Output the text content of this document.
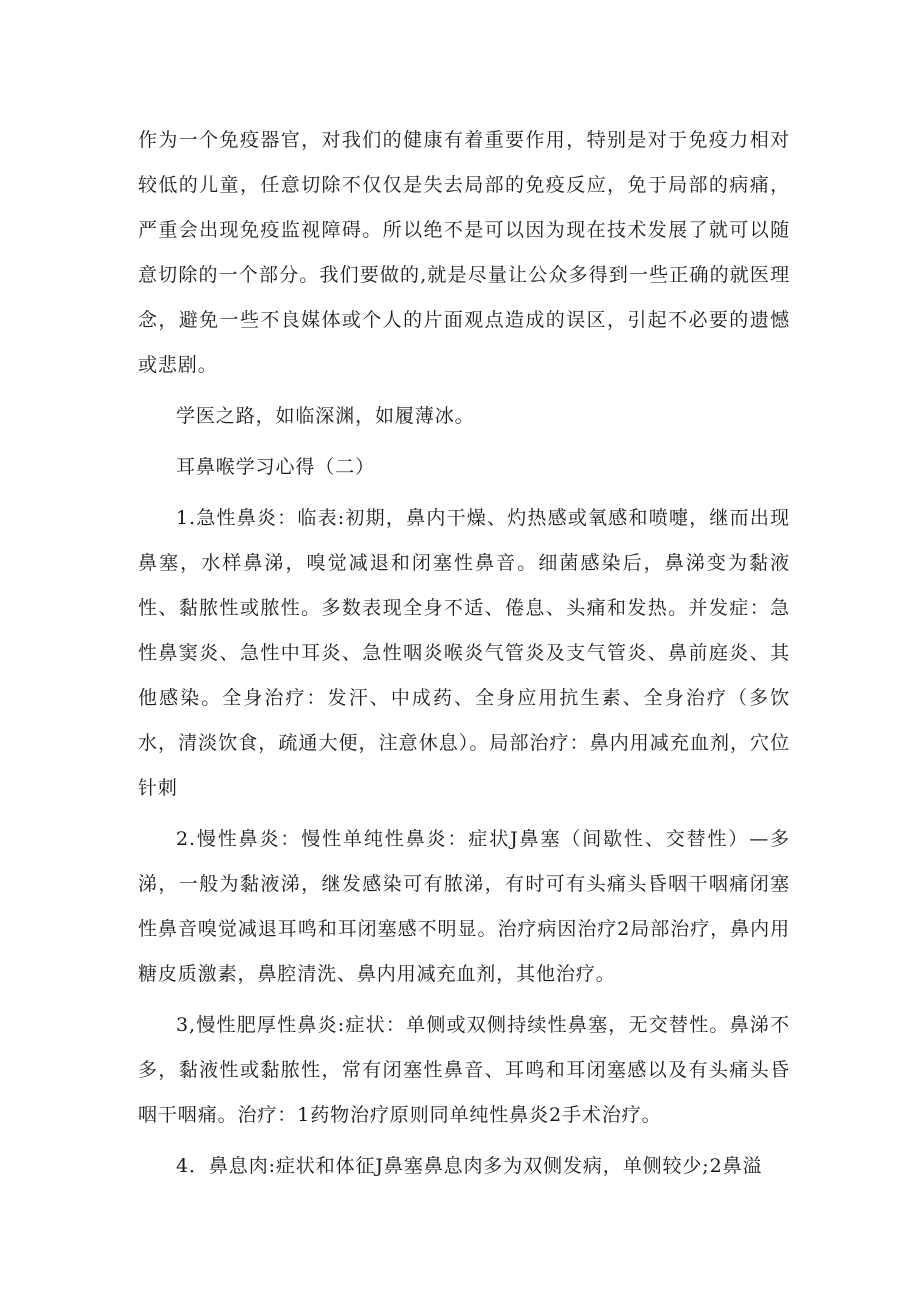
作为一个免疫器官，对我们的健康有着重要作用，特别是对于免疫力相对较低的儿童，任意切除不仅仅是失去局部的免疫反应，免于局部的病痛，严重会出现免疫监视障碍。所以绝不是可以因为现在技术发展了就可以随意切除的一个部分。我们要做的,就是尽量让公众多得到一些正确的就医理念，避免一些不良媒体或个人的片面观点造成的误区，引起不必要的遗憾或悲剧。

学医之路，如临深渊，如履薄冰。

耳鼻喉学习心得（二）

1.急性鼻炎：临表:初期，鼻内干燥、灼热感或氧感和喷嚏，继而出现鼻塞，水样鼻涕，嗅觉减退和闭塞性鼻音。细菌感染后，鼻涕变为黏液性、黏脓性或脓性。多数表现全身不适、倦息、头痛和发热。并发症：急性鼻窦炎、急性中耳炎、急性咽炎喉炎气管炎及支气管炎、鼻前庭炎、其他感染。全身治疗：发汗、中成药、全身应用抗生素、全身治疗（多饮水，清淡饮食，疏通大便，注意休息）。局部治疗：鼻内用减充血剂，穴位针刺

2.慢性鼻炎：慢性单纯性鼻炎：症状J鼻塞（间歇性、交替性）—多涕，一般为黏液涕，继发感染可有脓涕，有时可有头痛头昏咽干咽痛闭塞性鼻音嗅觉减退耳鸣和耳闭塞感不明显。治疗病因治疗2局部治疗，鼻内用糖皮质激素，鼻腔清洗、鼻内用减充血剂，其他治疗。

3,慢性肥厚性鼻炎:症状：单侧或双侧持续性鼻塞，无交替性。鼻涕不多，黏液性或黏脓性，常有闭塞性鼻音、耳鸣和耳闭塞感以及有头痛头昏咽干咽痛。治疗：1药物治疗原则同单纯性鼻炎2手术治疗。

4．鼻息肉:症状和体征J鼻塞鼻息肉多为双侧发病，单侧较少;2鼻溢
